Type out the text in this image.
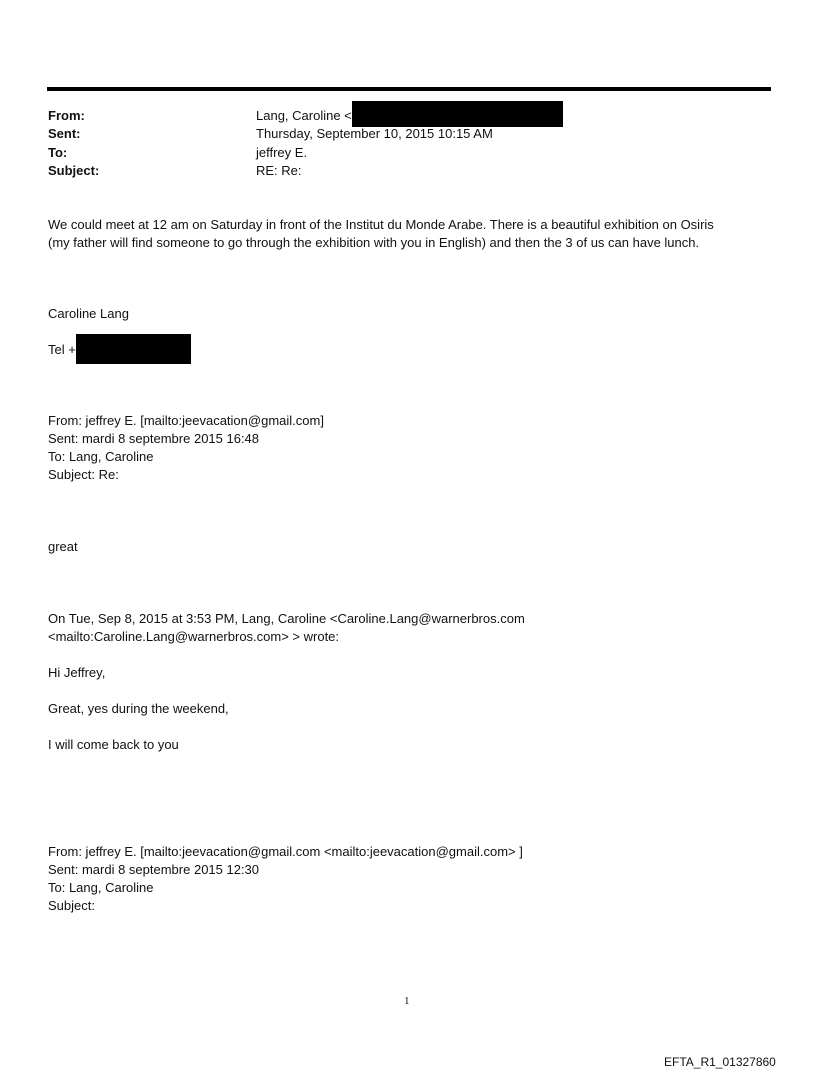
From:	Lang, Caroline <
Sent:	Thursday, September 10, 2015 10:15 AM
To:	jeffrey E.
Subject:	RE: Re:
We could meet at 12 am on Saturday in front of the Institut du Monde Arabe. There is a beautiful exhibition on Osiris
(my father will find someone to go through the exhibition with you in English) and then the 3 of us can have lunch.
Caroline Lang
Tel +
From: jeffrey E. [mailto:jeevacation@gmail.com]
Sent: mardi 8 septembre 2015 16:48
To: Lang, Caroline
Subject: Re:
great
On Tue, Sep 8, 2015 at 3:53 PM, Lang, Caroline <Caroline.Lang@warnerbros.com
<mailto:Caroline.Lang@warnerbros.com> > wrote:
Hi Jeffrey,
Great, yes during the weekend,
I will come back to you
From: jeffrey E. [mailto:jeevacation@gmail.com <mailto:jeevacation@gmail.com> ]
Sent: mardi 8 septembre 2015 12:30
To: Lang, Caroline
Subject:
1
EFTA_R1_01327860
